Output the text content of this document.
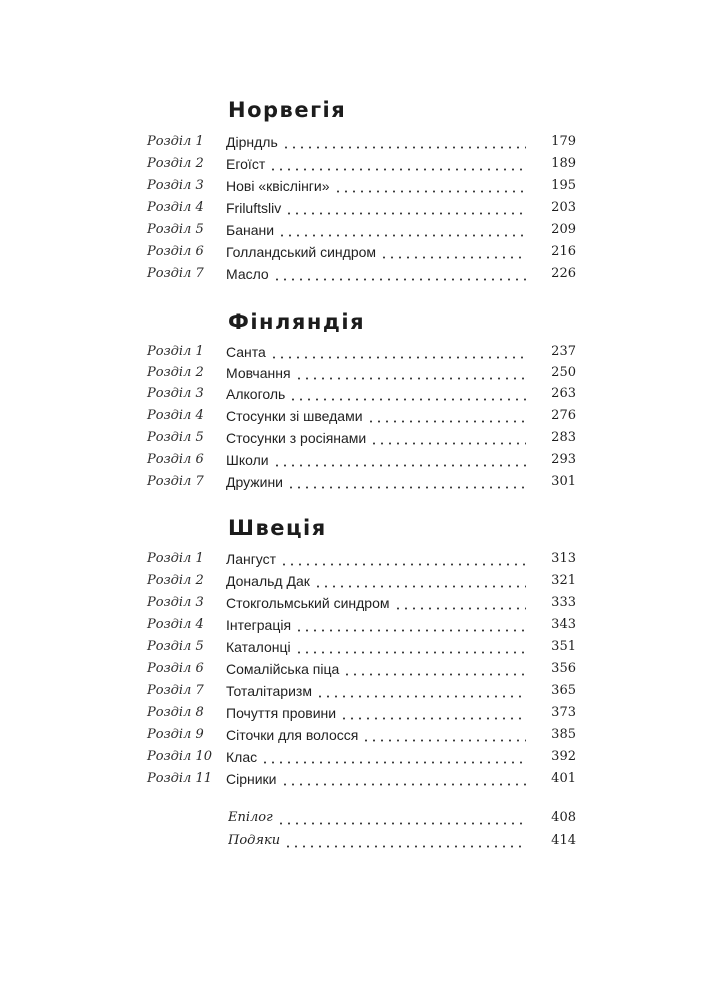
Норвегія
Розділ 1 Дірндль	179
Розділ 2 Егоїст	189
Розділ 3 Нові «квіслінги»	195
Розділ 4 Friluftsliv	203
Розділ 5 Банани	209
Розділ 6 Голландський синдром	216
Розділ 7 Масло	226
Фінляндія
Розділ 1 Санта	237
Розділ 2 Мовчання	250
Розділ 3 Алкоголь	263
Розділ 4 Стосунки зі шведами	276
Розділ 5 Стосунки з росіянами	283
Розділ 6 Школи	293
Розділ 7 Дружини	301
Швеція
Розділ 1 Лангуст	313
Розділ 2 Дональд Дак	321
Розділ 3 Стокгольмський синдром	333
Розділ 4 Інтеграція	343
Розділ 5 Каталонці	351
Розділ 6 Сомалійська піца	356
Розділ 7 Тоталітаризм	365
Розділ 8 Почуття провини	373
Розділ 9 Сіточки для волосся	385
Розділ 10 Клас	392
Розділ 11 Сірники	401
Епілог	408
Подяки	414
